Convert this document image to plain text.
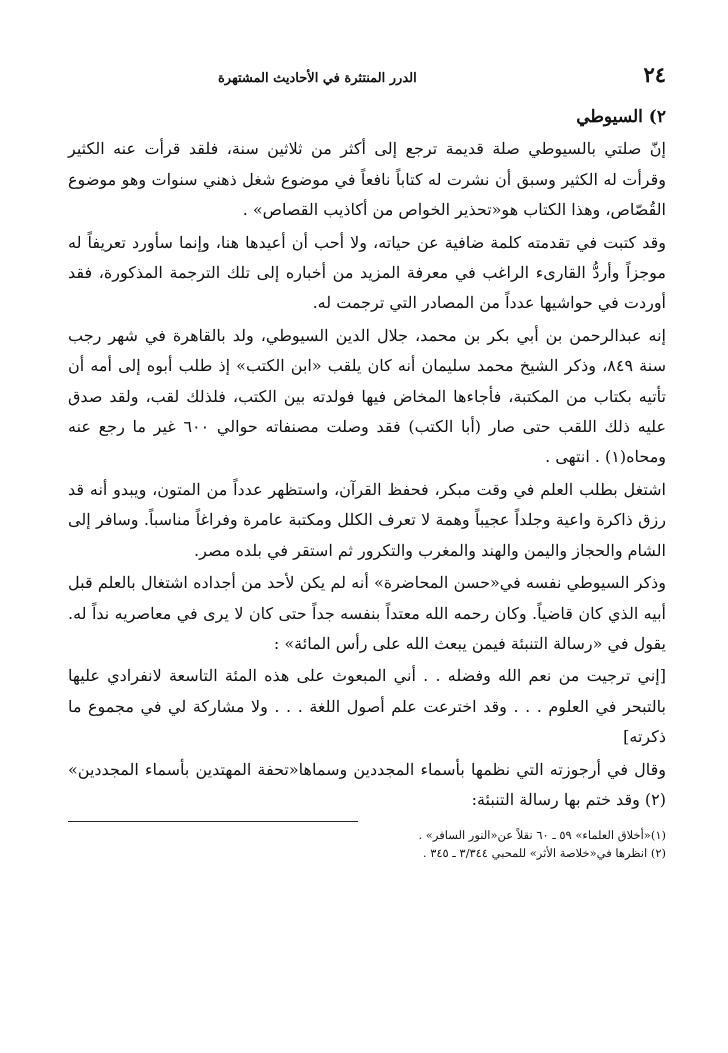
٢٤
الدرر المنتثرة في الأحاديث المشتهرة

٢) السيوطي

إنّ صلتي بالسيوطي صلة قديمة ترجع إلى أكثر من ثلاثين سنة، فلقد قرأت عنه الكثير وقرأت له الكثير وسبق أن نشرت له كتاباً نافعاً في موضوع شغل ذهني سنوات وهو موضوع القُصّاص، وهذا الكتاب هو«تحذير الخواص من أكاذيب القصاص» .

وقد كتبت في تقدمته كلمة ضافية عن حياته، ولا أحب أن أعيدها هنا، وإنما سأورد تعريفاً له موجزاً وأردُّ القارىء الراغب في معرفة المزيد من أخباره إلى تلك الترجمة المذكورة، فقد أوردت في حواشيها عدداً من المصادر التي ترجمت له.

إنه عبدالرحمن بن أبي بكر بن محمد، جلال الدين السيوطي، ولد بالقاهرة في شهر رجب سنة ٨٤٩، وذكر الشيخ محمد سليمان أنه كان يلقب «ابن الكتب» إذ طلب أبوه إلى أمه أن تأتيه بكتاب من المكتبة، فأجاءها المخاض فيها فولدته بين الكتب، فلذلك لقب، ولقد صدق عليه ذلك اللقب حتى صار (أبا الكتب) فقد وصلت مصنفاته حوالي ٦٠٠ غير ما رجع عنه ومحاه(١) . انتهى .

اشتغل بطلب العلم في وقت مبكر، فحفظ القرآن، واستظهر عدداً من المتون، ويبدو أنه قد رزق ذاكرة واعية وجلداً عجيباً وهمة لا تعرف الكلل ومكتبة عامرة وفراغاً مناسباً. وسافر إلى الشام والحجاز واليمن والهند والمغرب والتكرور ثم استقر في بلده مصر.

وذكر السيوطي نفسه في«حسن المحاضرة» أنه لم يكن لأحد من أجداده اشتغال بالعلم قبل أبيه الذي كان قاضياً. وكان رحمه الله معتداً بنفسه جداً حتى كان لا يرى في معاصريه نداً له. يقول في «رسالة التنبئة فيمن يبعث الله على رأس المائة» :

[إني ترجيت من نعم الله وفضله . . أني المبعوث على هذه المئة التاسعة لانفرادي عليها بالتبحر في العلوم . . . وقد اخترعت علم أصول اللغة . . . ولا مشاركة لي في مجموع ما ذكرته]

وقال في أرجوزته التي نظمها بأسماء المجددين وسماها«تحفة المهتدين بأسماء المجددين» (٢) وقد ختم بها رسالة التنبئة:

(١)«أخلاق العلماء» ٥٩ ـ ٦٠ نقلاً عن«النور السافر» .

(٢) انظرها في«خلاصة الأثر» للمحبي ٣/٣٤٤ ـ ٣٤٥ .
